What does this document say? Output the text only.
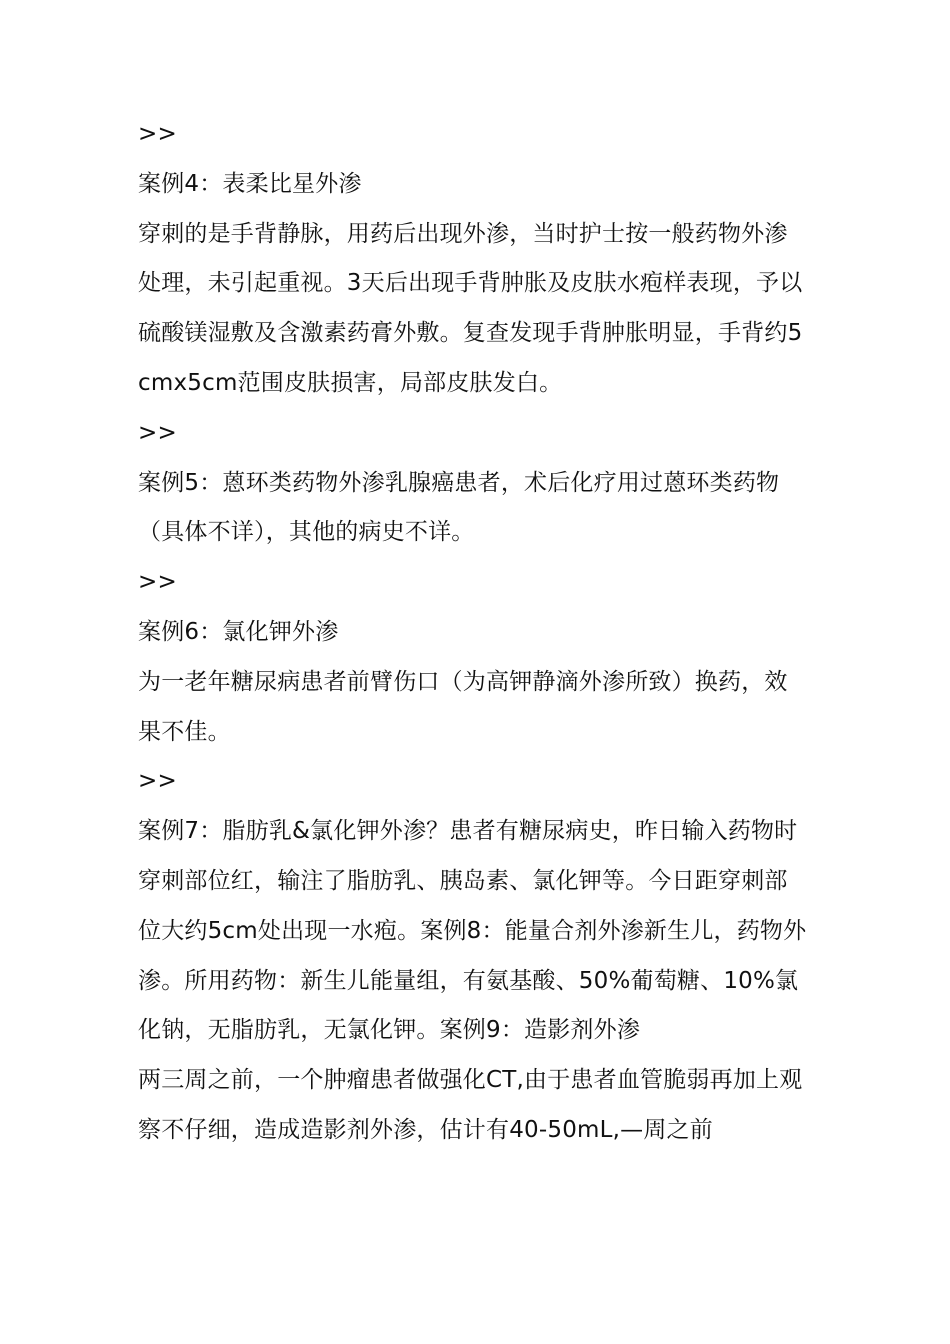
>>

案例4：表柔比星外渗

穿刺的是手背静脉，用药后出现外渗，当时护士按一般药物外渗处理，未引起重视。3天后出现手背肿胀及皮肤水疱样表现，予以硫酸镁湿敷及含激素药膏外敷。复查发现手背肿胀明显，手背约5cmx5cm范围皮肤损害，局部皮肤发白。

>>

案例5：蒽环类药物外渗乳腺癌患者，术后化疗用过蒽环类药物（具体不详），其他的病史不详。

>>

案例6：氯化钾外渗

为一老年糖尿病患者前臂伤口（为高钾静滴外渗所致）换药，效果不佳。

>>

案例7：脂肪乳&氯化钾外渗？患者有糖尿病史，昨日输入药物时穿刺部位红，输注了脂肪乳、胰岛素、氯化钾等。今日距穿刺部位大约5cm处出现一水疱。案例8：能量合剂外渗新生儿，药物外渗。所用药物：新生儿能量组，有氨基酸、50%葡萄糖、10%氯化钠，无脂肪乳，无氯化钾。案例9：造影剂外渗

两三周之前，一个肿瘤患者做强化CT,由于患者血管脆弱再加上观察不仔细，造成造影剂外渗，估计有40-50mL,—周之前
